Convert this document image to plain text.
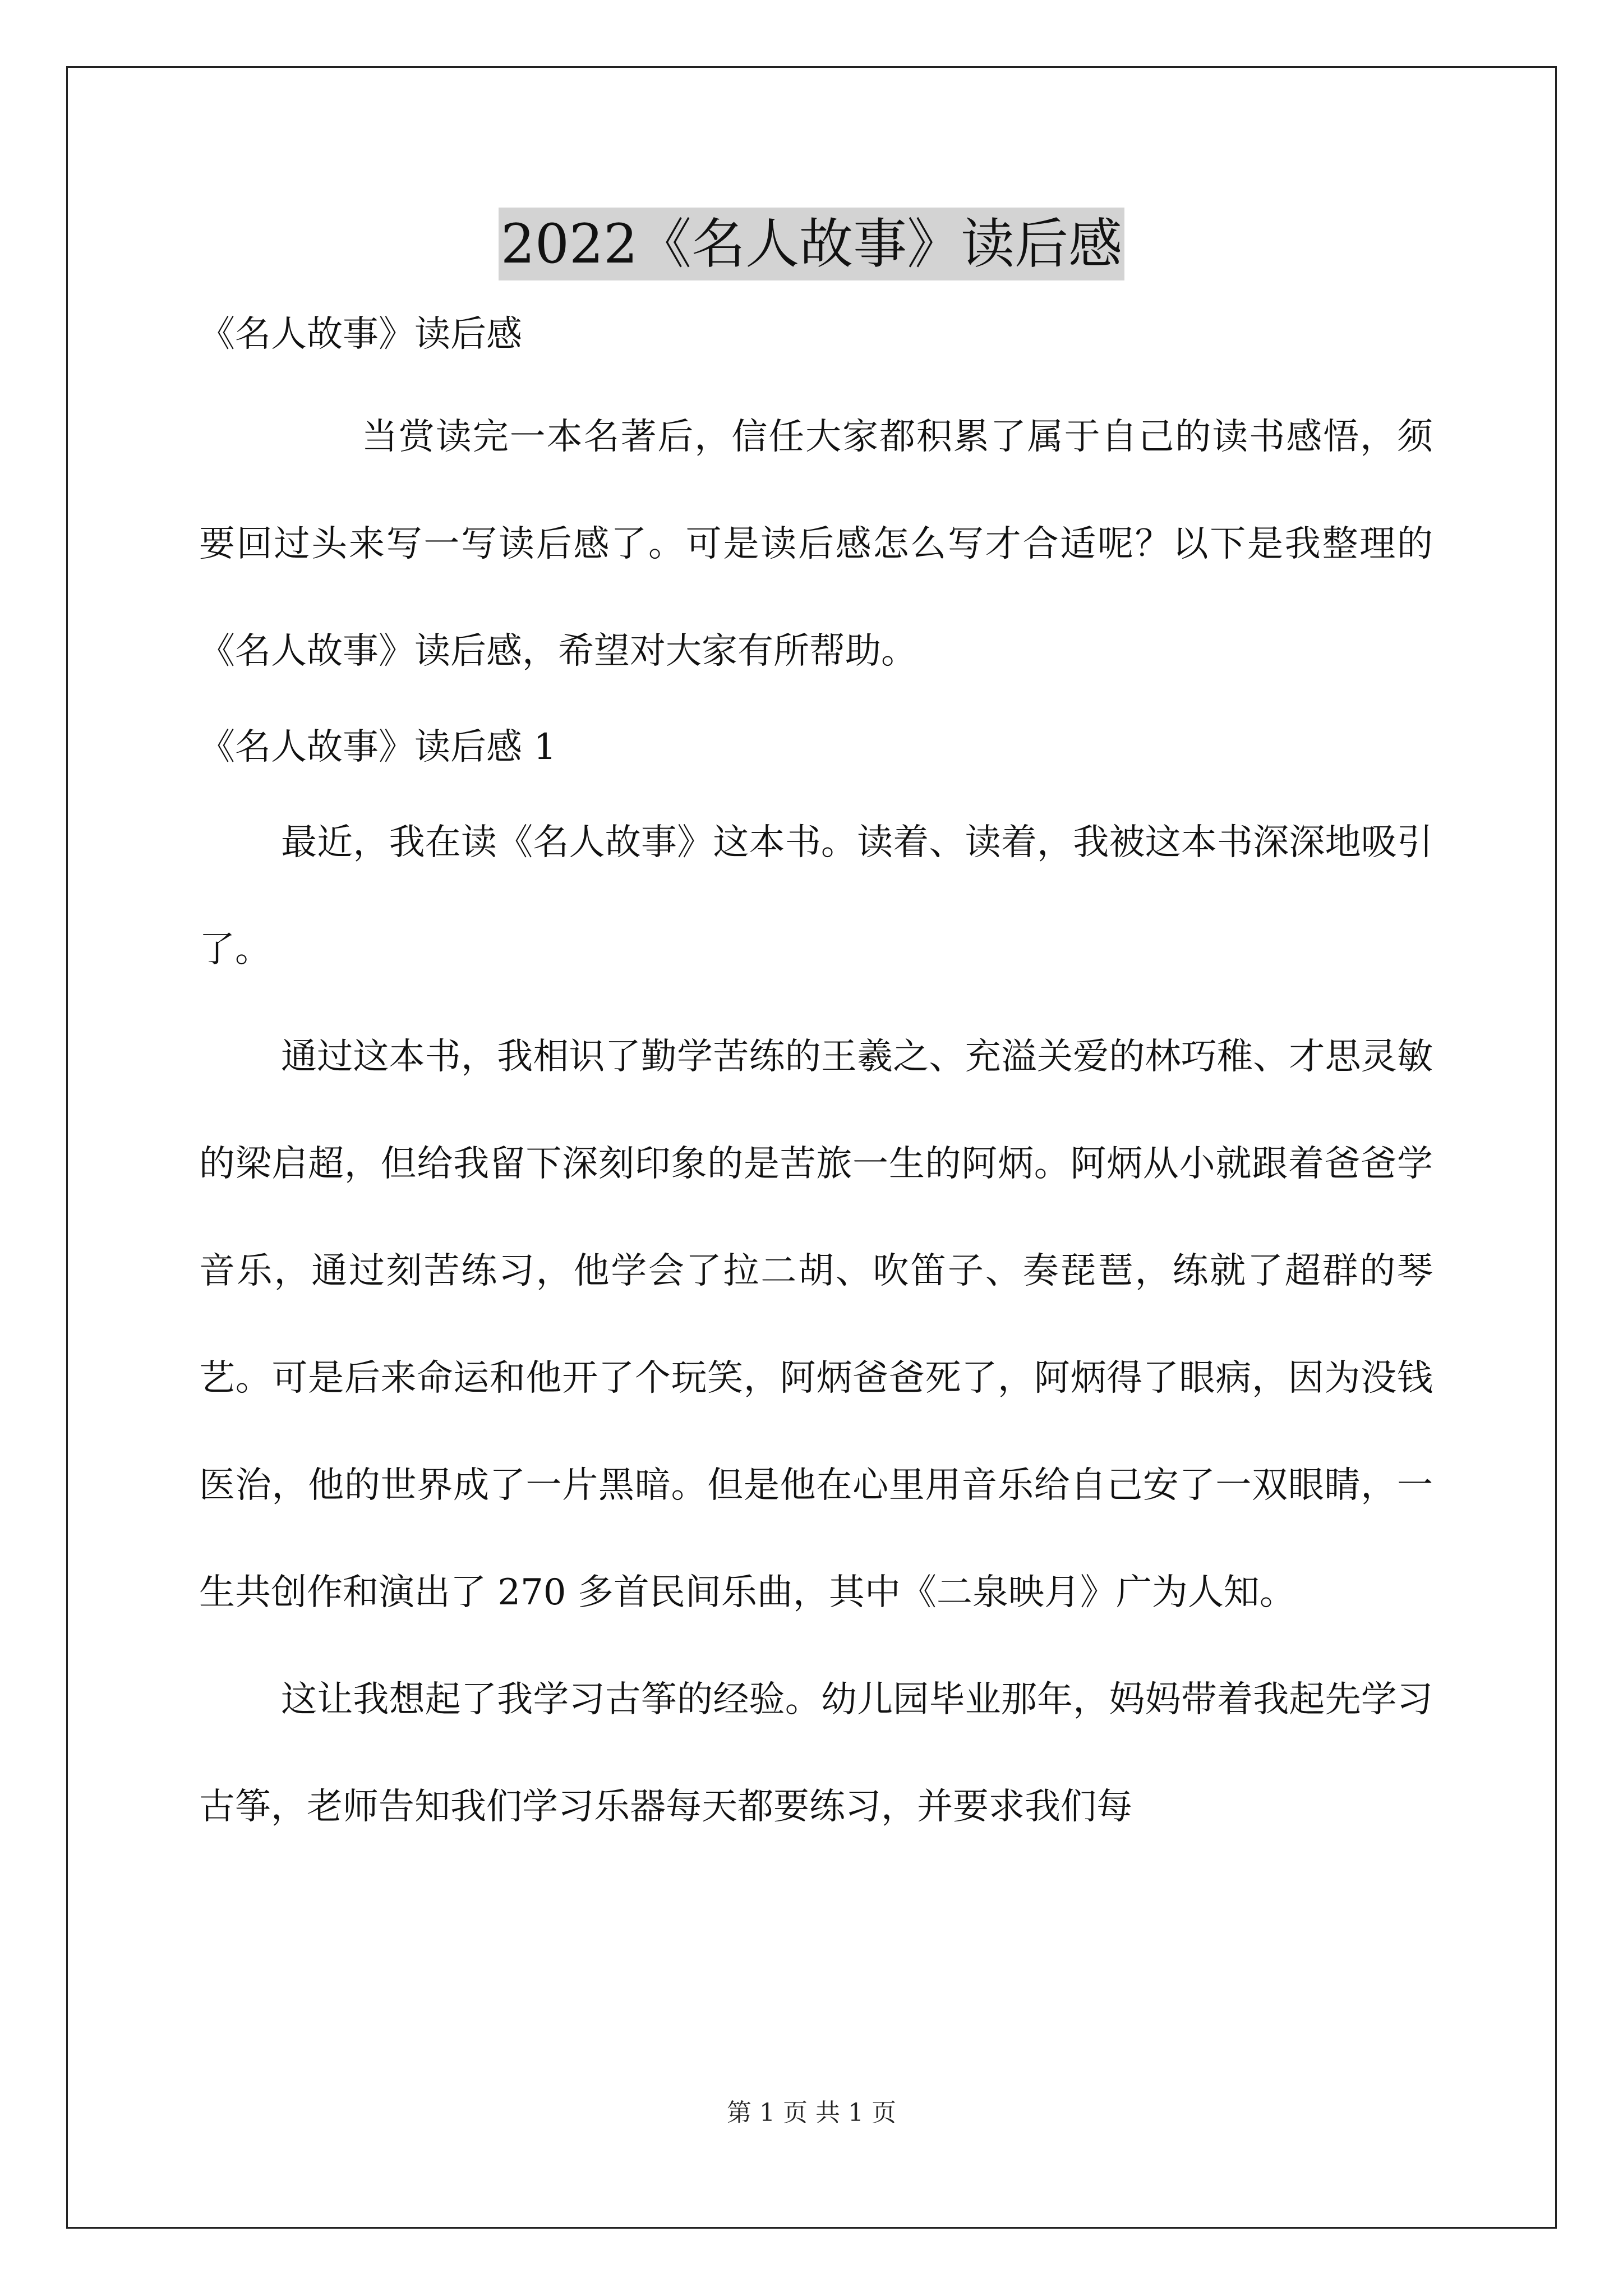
2022《名人故事》读后感

《名人故事》读后感

当赏读完一本名著后，信任大家都积累了属于自己的读书感悟，须要回过头来写一写读后感了。可是读后感怎么写才合适呢？以下是我整理的《名人故事》读后感，希望对大家有所帮助。

《名人故事》读后感 1

最近，我在读《名人故事》这本书。读着、读着，我被这本书深深地吸引了。

通过这本书，我相识了勤学苦练的王羲之、充溢关爱的林巧稚、才思灵敏的梁启超，但给我留下深刻印象的是苦旅一生的阿炳。阿炳从小就跟着爸爸学音乐，通过刻苦练习，他学会了拉二胡、吹笛子、奏琵琶，练就了超群的琴艺。可是后来命运和他开了个玩笑，阿炳爸爸死了，阿炳得了眼病，因为没钱医治，他的世界成了一片黑暗。但是他在心里用音乐给自己安了一双眼睛，一生共创作和演出了 270 多首民间乐曲，其中《二泉映月》广为人知。

这让我想起了我学习古筝的经验。幼儿园毕业那年，妈妈带着我起先学习古筝，老师告知我们学习乐器每天都要练习，并要求我们每

第 1 页 共 1 页
